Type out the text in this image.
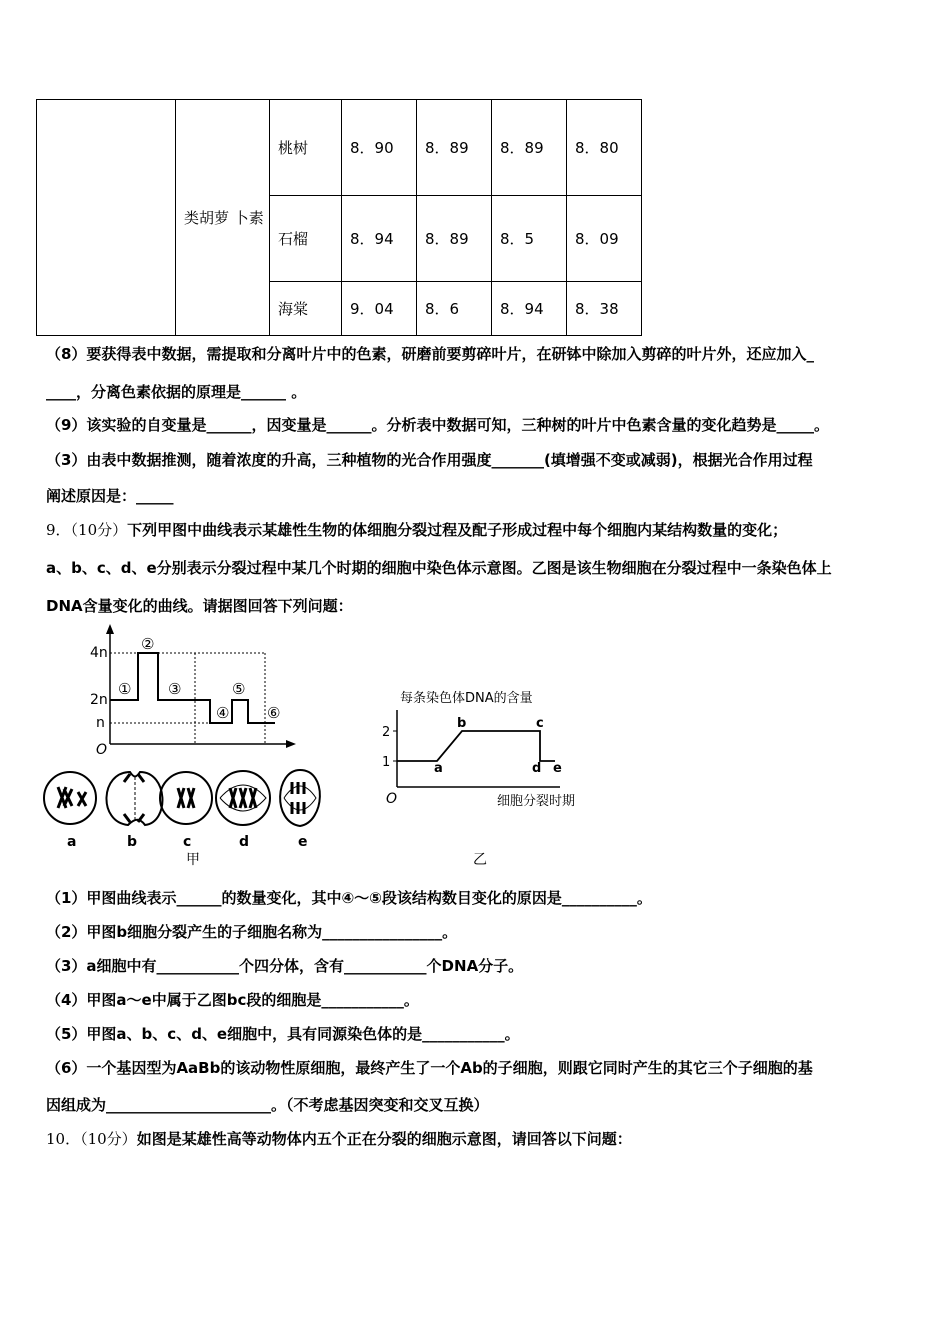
	类胡萝 卜素	桃树	8．90	8．89	8．89	8．80
		石榴	8．94	8．89	8．5	8．09
		海棠	9．04	8．6	8．94	8．38
（8）要获得表中数据，需提取和分离叶片中的色素，研磨前要剪碎叶片，在研钵中除加入剪碎的叶片外，还应加入_
____，分离色素依据的原理是______ 。
（9）该实验的自变量是______，因变量是______。分析表中数据可知，三种树的叶片中色素含量的变化趋势是_____。
（3）由表中数据推测，随着浓度的升高，三种植物的光合作用强度_______(填增强不变或减弱)，根据光合作用过程
阐述原因是：_____
9．（10分）下列甲图中曲线表示某雄性生物的体细胞分裂过程及配子形成过程中每个细胞内某结构数量的变化；
a、b、c、d、e分别表示分裂过程中某几个时期的细胞中染色体示意图。乙图是该生物细胞在分裂过程中一条染色体上
DNA含量变化的曲线。请据图回答下列问题：
4n
2n
n
O
①
②
③
④
⑤
⑥
a	b	c	d	e
甲
每条染色体DNA的含量
2
1
O
a
b	c
d e
细胞分裂时期
乙
（1）甲图曲线表示______的数量变化，其中④～⑤段该结构数目变化的原因是__________。
（2）甲图b细胞分裂产生的子细胞名称为________________。
（3）a细胞中有___________个四分体，含有___________个DNA分子。
（4）甲图a～e中属于乙图bc段的细胞是___________。
（5）甲图a、b、c、d、e细胞中，具有同源染色体的是___________。
（6）一个基因型为AaBb的该动物性原细胞，最终产生了一个Ab的子细胞，则跟它同时产生的其它三个子细胞的基
因组成为______________________。（不考虑基因突变和交叉互换）
10．（10分）如图是某雄性高等动物体内五个正在分裂的细胞示意图，请回答以下问题：
